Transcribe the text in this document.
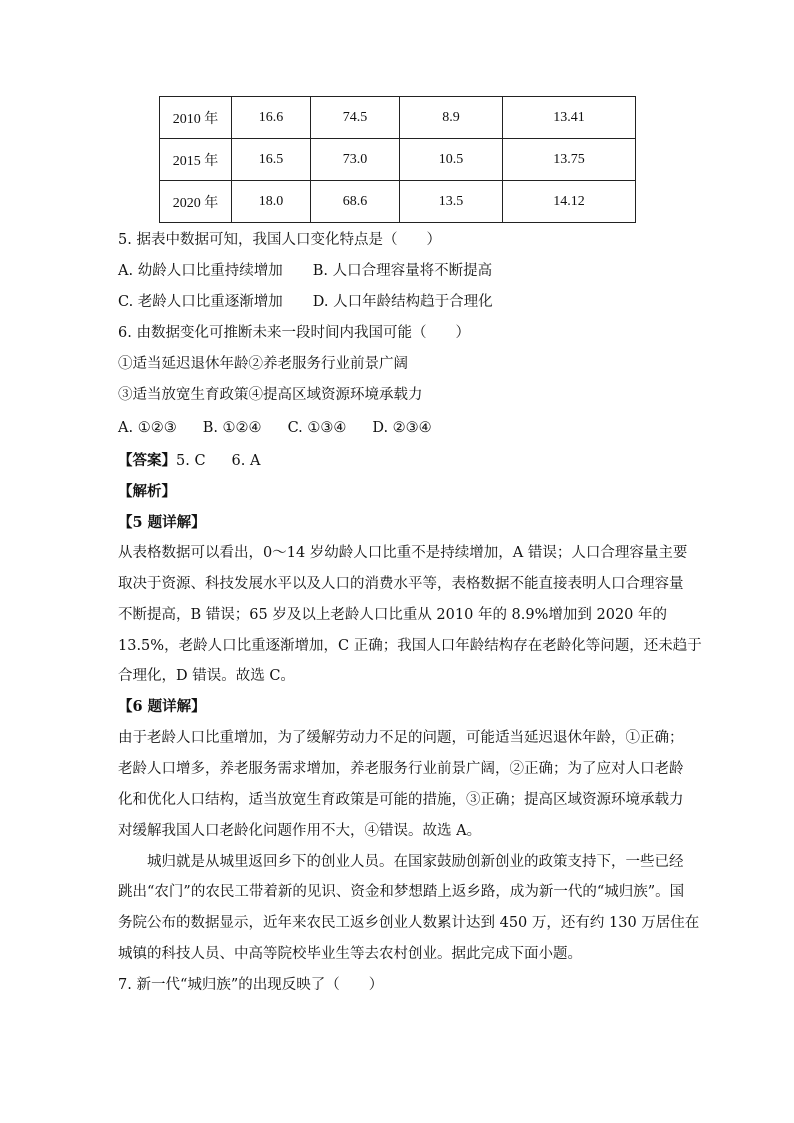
2010 年	16.6	74.5	8.9	13.41
2015 年	16.5	73.0	10.5	13.75
2020 年	18.0	68.6	13.5	14.12
5. 据表中数据可知，我国人口变化特点是（　　）
A. 幼龄人口比重持续增加 B. 人口合理容量将不断提高
C. 老龄人口比重逐渐增加 D. 人口年龄结构趋于合理化
6. 由数据变化可推断未来一段时间内我国可能（　　）
①适当延迟退休年龄②养老服务行业前景广阔
③适当放宽生育政策④提高区域资源环境承载力
A. ①②③ B. ①②④ C. ①③④ D. ②③④
【答案】5. C 6. A
【解析】
【5 题详解】
从表格数据可以看出，0～14 岁幼龄人口比重不是持续增加，A 错误；人口合理容量主要
取决于资源、科技发展水平以及人口的消费水平等，表格数据不能直接表明人口合理容量
不断提高，B 错误；65 岁及以上老龄人口比重从 2010 年的 8.9%增加到 2020 年的
13.5%，老龄人口比重逐渐增加，C 正确；我国人口年龄结构存在老龄化等问题，还未趋于
合理化，D 错误。故选 C。
【6 题详解】
由于老龄人口比重增加，为了缓解劳动力不足的问题，可能适当延迟退休年龄，①正确；
老龄人口增多，养老服务需求增加，养老服务行业前景广阔，②正确；为了应对人口老龄
化和优化人口结构，适当放宽生育政策是可能的措施，③正确；提高区域资源环境承载力
对缓解我国人口老龄化问题作用不大，④错误。故选 A。
城归就是从城里返回乡下的创业人员。在国家鼓励创新创业的政策支持下，一些已经
跳出“农门”的农民工带着新的见识、资金和梦想踏上返乡路，成为新一代的“城归族”。国
务院公布的数据显示，近年来农民工返乡创业人数累计达到 450 万，还有约 130 万居住在
城镇的科技人员、中高等院校毕业生等去农村创业。据此完成下面小题。
7. 新一代“城归族”的出现反映了（　　）
